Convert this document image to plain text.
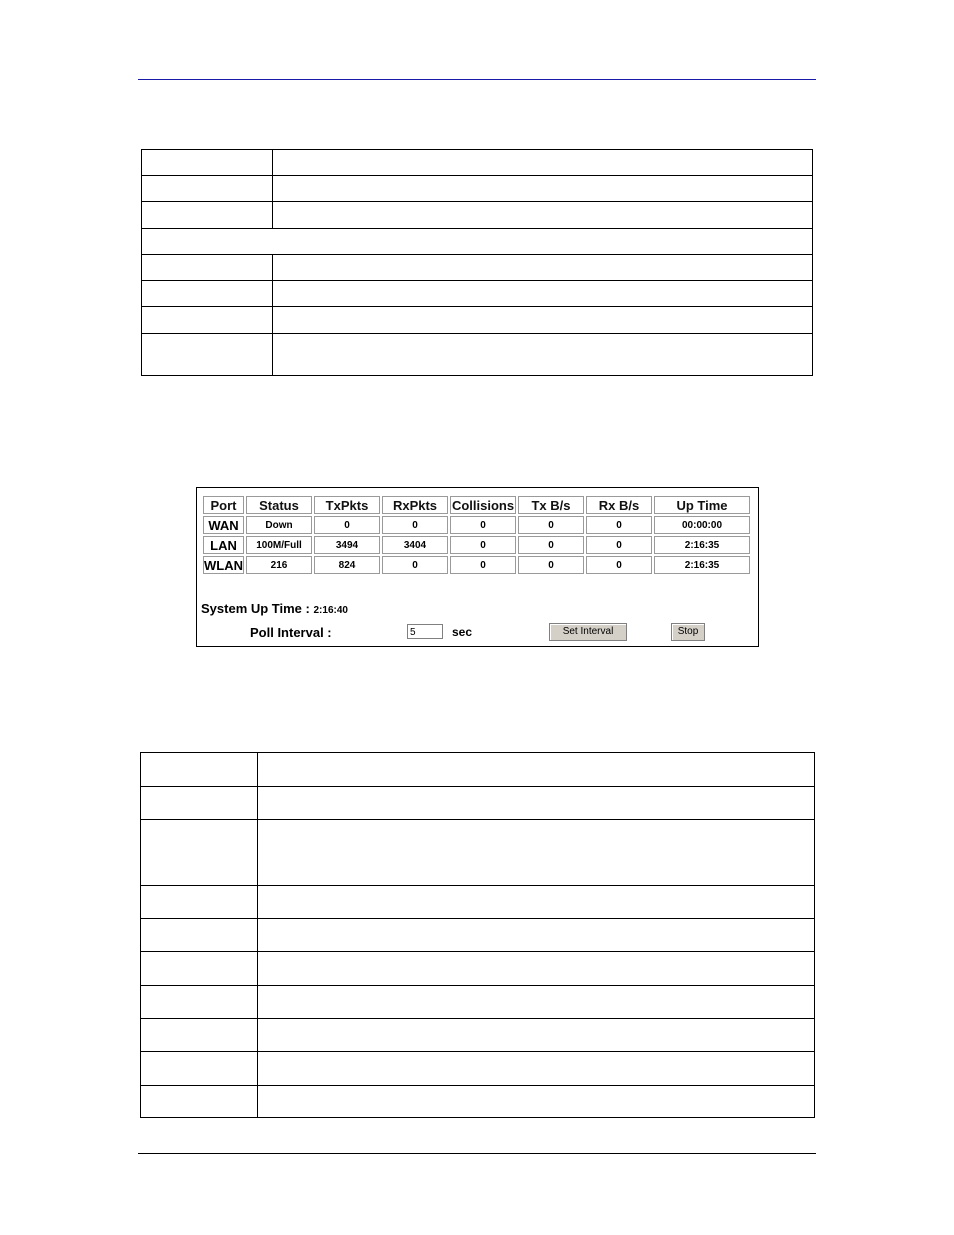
Port	Status	TxPkts	RxPkts	Collisions	Tx B/s	Rx B/s	Up Time
WAN	Down	0	0	0	0	0	00:00:00
LAN	100M/Full	3494	3404	0	0	0	2:16:35
WLAN	216	824	0	0	0	0	2:16:35
System Up Time : 2:16:40
Poll Interval :	5	sec	Set Interval	Stop
